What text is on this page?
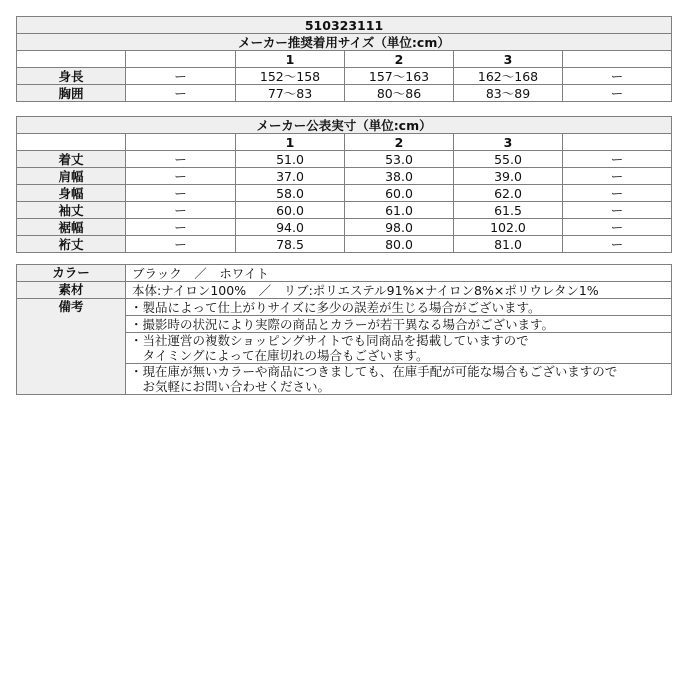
510323111					
メーカー推奨着用サイズ（単位:cm）					
		1	2	3	
身長	ー	152～158	157～163	162～168	ー
胸囲	ー	77～83	80～86	83～89	ー
メーカー公表実寸（単位:cm）					
		1	2	3	
着丈	ー	51.0	53.0	55.0	ー
肩幅	ー	37.0	38.0	39.0	ー
身幅	ー	58.0	60.0	62.0	ー
袖丈	ー	60.0	61.0	61.5	ー
裾幅	ー	94.0	98.0	102.0	ー
裄丈	ー	78.5	80.0	81.0	ー
カラー	ブラック　／　ホワイト
素材	本体:ナイロン100%　／　リブ:ポリエステル91%×ナイロン8%×ポリウレタン1%
備考	・製品によって仕上がりサイズに多少の誤差が生じる場合がございます。

	・撮影時の状況により実際の商品とカラーが若干異なる場合がございます。

	・当社運営の複数ショッピングサイトでも同商品を掲載していますので
　タイミングによって在庫切れの場合もございます。

	・現在庫が無いカラーや商品につきましても、在庫手配が可能な場合もございますので
　お気軽にお問い合わせください。
